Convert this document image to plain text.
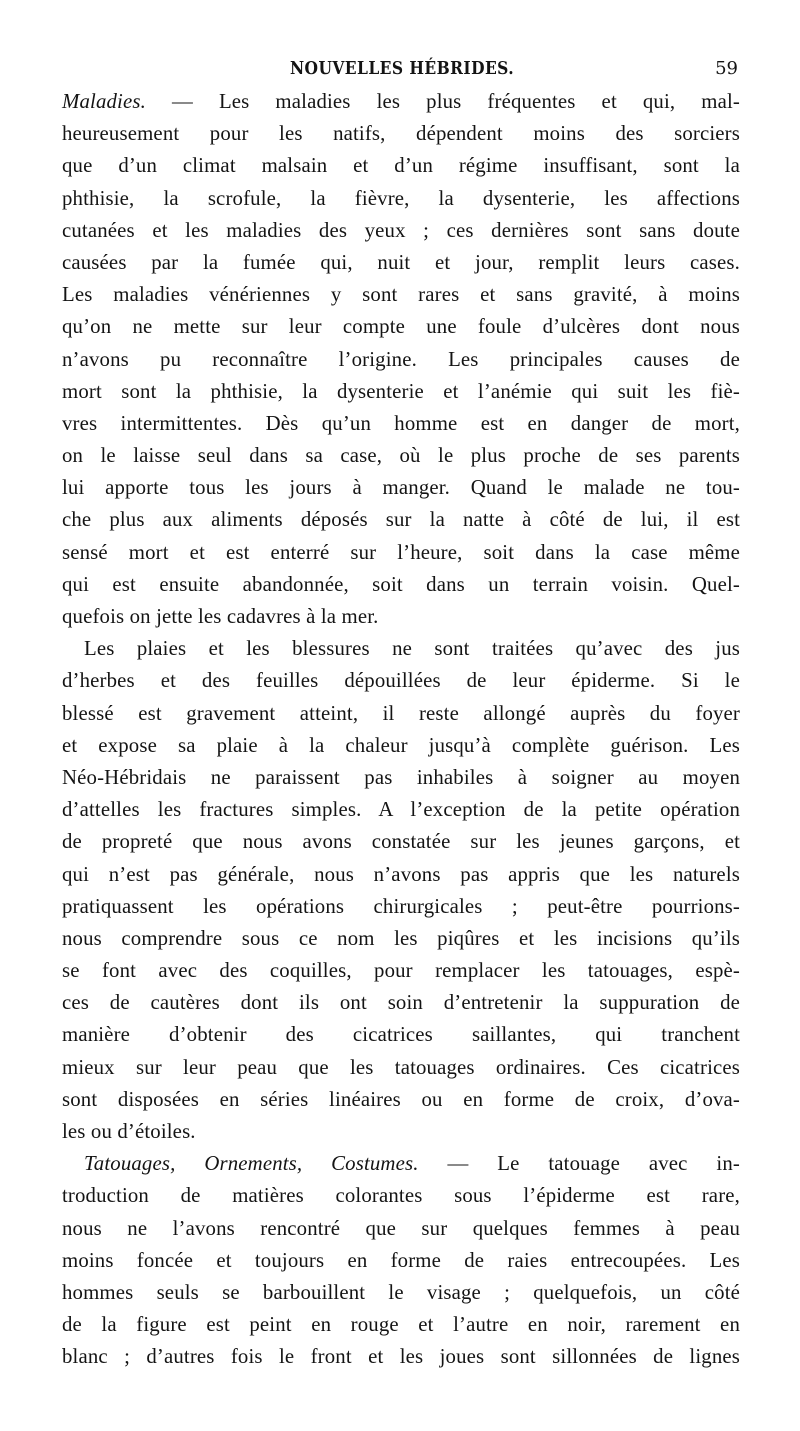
NOUVELLES HÉBRIDES.	59
Maladies. — Les maladies les plus fréquentes et qui, mal-
heureusement pour les natifs, dépendent moins des sorciers
que d’un climat malsain et d’un régime insuffisant, sont la
phthisie, la scrofule, la fièvre, la dysenterie, les affections
cutanées et les maladies des yeux ; ces dernières sont sans doute
causées par la fumée qui, nuit et jour, remplit leurs cases.
Les maladies vénériennes y sont rares et sans gravité, à moins
qu’on ne mette sur leur compte une foule d’ulcères dont nous
n’avons pu reconnaître l’origine. Les principales causes de
mort sont la phthisie, la dysenterie et l’anémie qui suit les fiè-
vres intermittentes. Dès qu’un homme est en danger de mort,
on le laisse seul dans sa case, où le plus proche de ses parents
lui apporte tous les jours à manger. Quand le malade ne tou-
che plus aux aliments déposés sur la natte à côté de lui, il est
sensé mort et est enterré sur l’heure, soit dans la case même
qui est ensuite abandonnée, soit dans un terrain voisin. Quel-
quefois on jette les cadavres à la mer.
Les plaies et les blessures ne sont traitées qu’avec des jus
d’herbes et des feuilles dépouillées de leur épiderme. Si le
blessé est gravement atteint, il reste allongé auprès du foyer
et expose sa plaie à la chaleur jusqu’à complète guérison. Les
Néo-Hébridais ne paraissent pas inhabiles à soigner au moyen
d’attelles les fractures simples. A l’exception de la petite opération
de propreté que nous avons constatée sur les jeunes garçons, et
qui n’est pas générale, nous n’avons pas appris que les naturels
pratiquassent les opérations chirurgicales ; peut-être pourrions-
nous comprendre sous ce nom les piqûres et les incisions qu’ils
se font avec des coquilles, pour remplacer les tatouages, espè-
ces de cautères dont ils ont soin d’entretenir la suppuration de
manière d’obtenir des cicatrices saillantes, qui tranchent
mieux sur leur peau que les tatouages ordinaires. Ces cicatrices
sont disposées en séries linéaires ou en forme de croix, d’ova-
les ou d’étoiles.
Tatouages, Ornements, Costumes. — Le tatouage avec in-
troduction de matières colorantes sous l’épiderme est rare,
nous ne l’avons rencontré que sur quelques femmes à peau
moins foncée et toujours en forme de raies entrecoupées. Les
hommes seuls se barbouillent le visage ; quelquefois, un côté
de la figure est peint en rouge et l’autre en noir, rarement en
blanc ; d’autres fois le front et les joues sont sillonnées de lignes
